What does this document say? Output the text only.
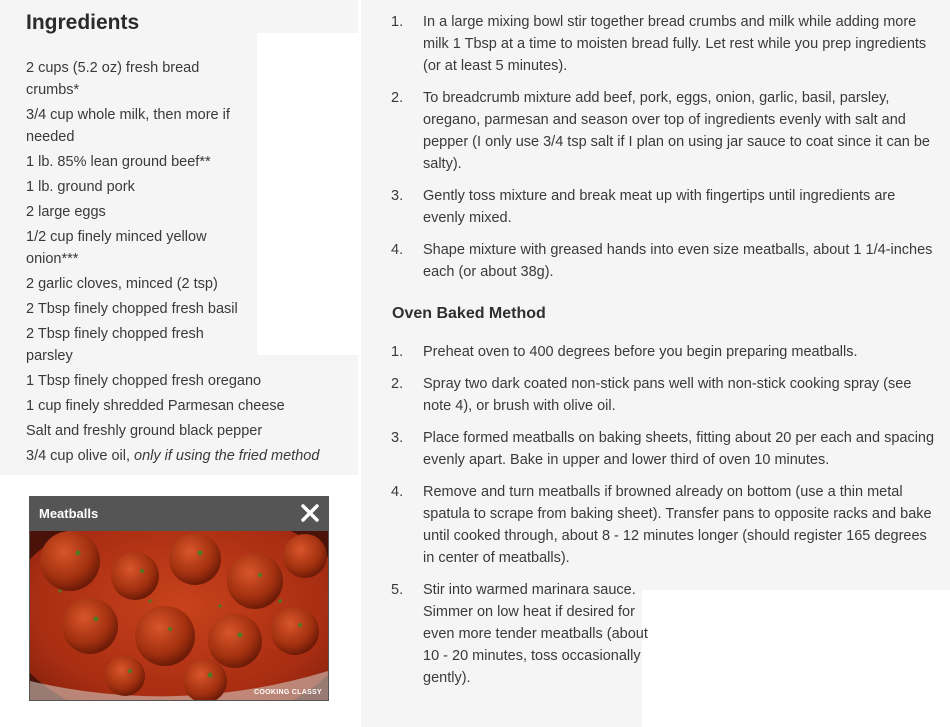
Ingredients
2 cups (5.2 oz) fresh bread crumbs*
3/4 cup whole milk, then more if needed
1 lb. 85% lean ground beef**
1 lb. ground pork
2 large eggs
1/2 cup finely minced yellow onion***
2 garlic cloves, minced (2 tsp)
2 Tbsp finely chopped fresh basil
2 Tbsp finely chopped fresh parsley
1 Tbsp finely chopped fresh oregano
1 cup finely shredded Parmesan cheese
Salt and freshly ground black pepper
3/4 cup olive oil, only if using the fried method
Meatballs
COOKING CLASSY
1. In a large mixing bowl stir together bread crumbs and milk while adding more milk 1 Tbsp at a time to moisten bread fully. Let rest while you prep ingredients (or at least 5 minutes).
2. To breadcrumb mixture add beef, pork, eggs, onion, garlic, basil, parsley, oregano, parmesan and season over top of ingredients evenly with salt and pepper (I only use 3/4 tsp salt if I plan on using jar sauce to coat since it can be salty).
3. Gently toss mixture and break meat up with fingertips until ingredients are evenly mixed.
4. Shape mixture with greased hands into even size meatballs, about 1 1/4-inches each (or about 38g).
Oven Baked Method
1. Preheat oven to 400 degrees before you begin preparing meatballs.
2. Spray two dark coated non-stick pans well with non-stick cooking spray (see note 4), or brush with olive oil.
3. Place formed meatballs on baking sheets, fitting about 20 per each and spacing evenly apart. Bake in upper and lower third of oven 10 minutes.
4. Remove and turn meatballs if browned already on bottom (use a thin metal spatula to scrape from baking sheet). Transfer pans to opposite racks and bake until cooked through, about 8 - 12 minutes longer (should register 165 degrees in center of meatballs).
5. Stir into warmed marinara sauce. Simmer on low heat if desired for even more tender meatballs (about 10 - 20 minutes, toss occasionally gently).
